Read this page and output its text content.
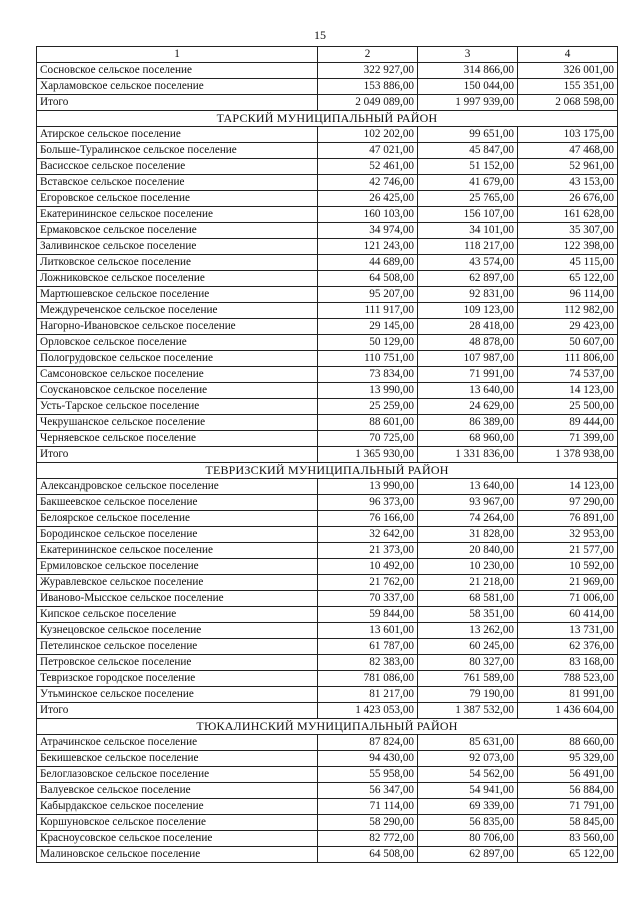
15
1	2	3	4
Сосновское сельское поселение	322 927,00	314 866,00	326 001,00
Харламовское сельское поселение	153 886,00	150 044,00	155 351,00
Итого	2 049 089,00	1 997 939,00	2 068 598,00
ТАРСКИЙ МУНИЦИПАЛЬНЫЙ РАЙОН			
Атирское сельское поселение	102 202,00	99 651,00	103 175,00
Больше-Туралинское сельское поселение	47 021,00	45 847,00	47 468,00
Васисское сельское поселение	52 461,00	51 152,00	52 961,00
Вставское сельское поселение	42 746,00	41 679,00	43 153,00
Егоровское сельское поселение	26 425,00	25 765,00	26 676,00
Екатерининское сельское поселение	160 103,00	156 107,00	161 628,00
Ермаковское сельское поселение	34 974,00	34 101,00	35 307,00
Заливинское сельское поселение	121 243,00	118 217,00	122 398,00
Литковское сельское поселение	44 689,00	43 574,00	45 115,00
Ложниковское сельское поселение	64 508,00	62 897,00	65 122,00
Мартюшевское сельское поселение	95 207,00	92 831,00	96 114,00
Междуреченское сельское поселение	111 917,00	109 123,00	112 982,00
Нагорно-Ивановское сельское поселение	29 145,00	28 418,00	29 423,00
Орловское сельское поселение	50 129,00	48 878,00	50 607,00
Пологрудовское сельское поселение	110 751,00	107 987,00	111 806,00
Самсоновское сельское поселение	73 834,00	71 991,00	74 537,00
Соускановское сельское поселение	13 990,00	13 640,00	14 123,00
Усть-Тарское сельское поселение	25 259,00	24 629,00	25 500,00
Чекрушанское сельское поселение	88 601,00	86 389,00	89 444,00
Черняевское сельское поселение	70 725,00	68 960,00	71 399,00
Итого	1 365 930,00	1 331 836,00	1 378 938,00
ТЕВРИЗСКИЙ МУНИЦИПАЛЬНЫЙ РАЙОН			
Александровское сельское поселение	13 990,00	13 640,00	14 123,00
Бакшеевское сельское поселение	96 373,00	93 967,00	97 290,00
Белоярское сельское поселение	76 166,00	74 264,00	76 891,00
Бородинское сельское поселение	32 642,00	31 828,00	32 953,00
Екатерининское сельское поселение	21 373,00	20 840,00	21 577,00
Ермиловское сельское поселение	10 492,00	10 230,00	10 592,00
Журавлевское сельское поселение	21 762,00	21 218,00	21 969,00
Иваново-Мысское сельское поселение	70 337,00	68 581,00	71 006,00
Кипское сельское поселение	59 844,00	58 351,00	60 414,00
Кузнецовское сельское поселение	13 601,00	13 262,00	13 731,00
Петелинское сельское поселение	61 787,00	60 245,00	62 376,00
Петровское сельское поселение	82 383,00	80 327,00	83 168,00
Тевризское городское поселение	781 086,00	761 589,00	788 523,00
Утьминское сельское поселение	81 217,00	79 190,00	81 991,00
Итого	1 423 053,00	1 387 532,00	1 436 604,00
ТЮКАЛИНСКИЙ МУНИЦИПАЛЬНЫЙ РАЙОН			
Атрачинское сельское поселение	87 824,00	85 631,00	88 660,00
Бекишевское сельское поселение	94 430,00	92 073,00	95 329,00
Белоглазовское сельское поселение	55 958,00	54 562,00	56 491,00
Валуевское сельское поселение	56 347,00	54 941,00	56 884,00
Кабырдакское сельское поселение	71 114,00	69 339,00	71 791,00
Коршуновское сельское поселение	58 290,00	56 835,00	58 845,00
Красноусовское сельское поселение	82 772,00	80 706,00	83 560,00
Малиновское сельское поселение	64 508,00	62 897,00	65 122,00
